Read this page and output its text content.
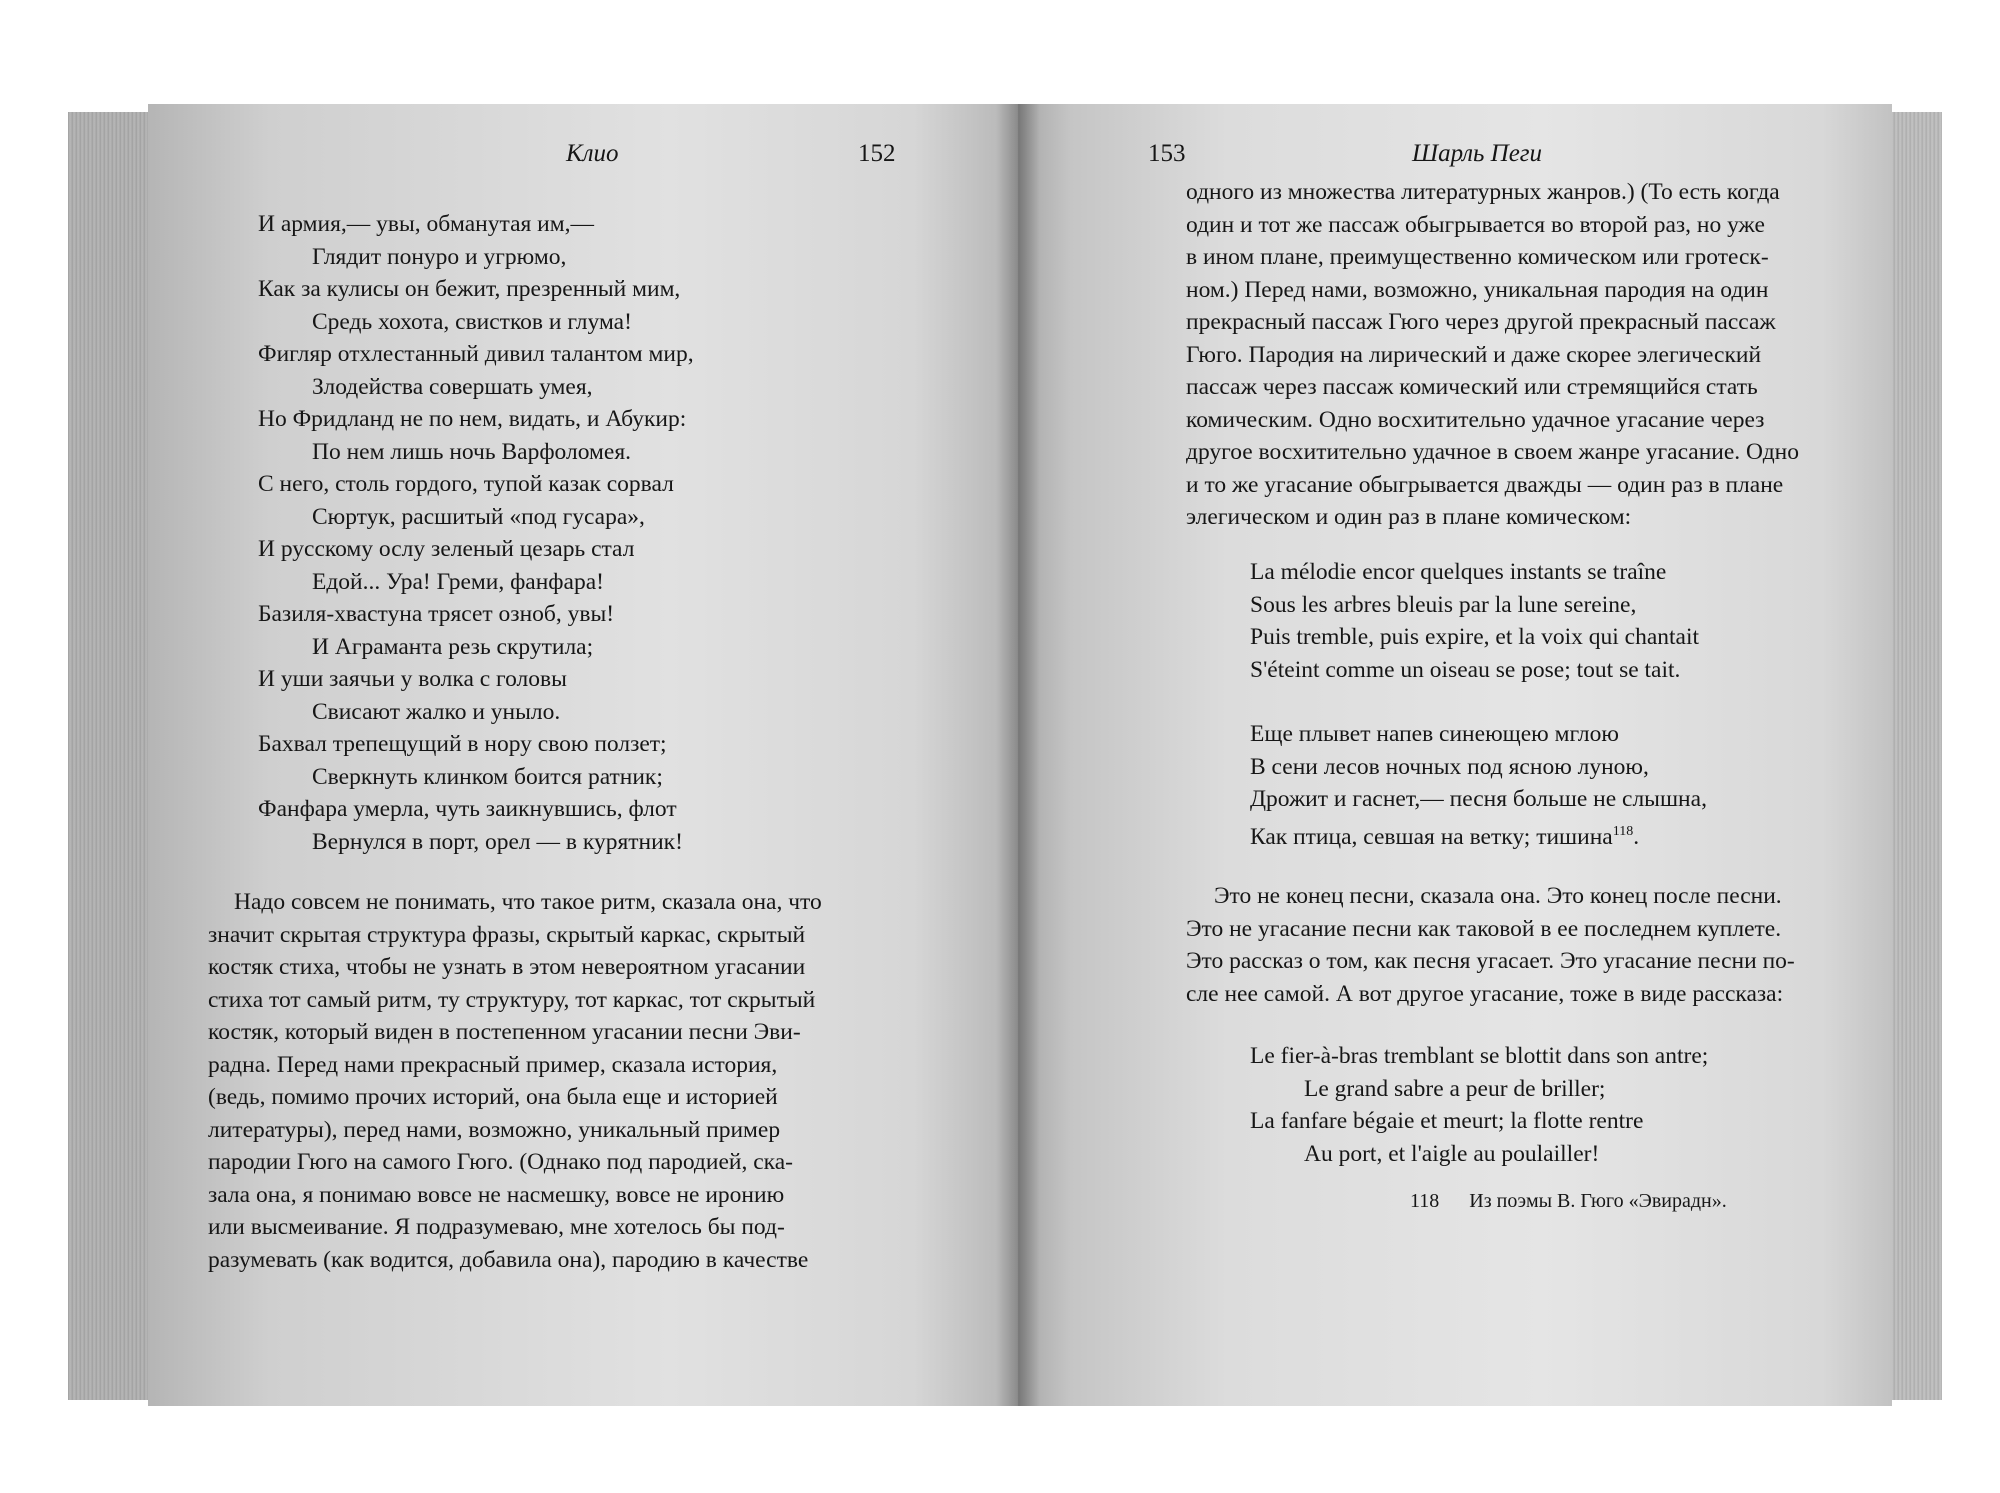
Клио	152
И армия,— увы, обманутая им,—
Глядит понуро и угрюмо,
Как за кулисы он бежит, презренный мим,
Средь хохота, свистков и глума!
Фигляр отхлестанный дивил талантом мир,
Злодейства совершать умея,
Но Фридланд не по нем, видать, и Абукир:
По нем лишь ночь Варфоломея.
С него, столь гордого, тупой казак сорвал
Сюртук, расшитый «под гусара»,
И русскому ослу зеленый цезарь стал
Едой... Ура! Греми, фанфара!
Базиля-хвастуна трясет озноб, увы!
И Аграманта резь скрутила;
И уши заячьи у волка с головы
Свисают жалко и уныло.
Бахвал трепещущий в нору свою ползет;
Сверкнуть клинком боится ратник;
Фанфара умерла, чуть заикнувшись, флот
Вернулся в порт, орел — в курятник!
Надо совсем не понимать, что такое ритм, сказала она, что
значит скрытая структура фразы, скрытый каркас, скрытый
костяк стиха, чтобы не узнать в этом невероятном угасании
стиха тот самый ритм, ту структуру, тот каркас, тот скрытый
костяк, который виден в постепенном угасании песни Эви-
радна. Перед нами прекрасный пример, сказала история,
(ведь, помимо прочих историй, она была еще и историей
литературы), перед нами, возможно, уникальный пример
пародии Гюго на самого Гюго. (Однако под пародией, ска-
зала она, я понимаю вовсе не насмешку, вовсе не иронию
или высмеивание. Я подразумеваю, мне хотелось бы под-
разумевать (как водится, добавила она), пародию в качестве
153	Шарль Пеги
одного из множества литературных жанров.) (То есть когда
один и тот же пассаж обыгрывается во второй раз, но уже
в ином плане, преимущественно комическом или гротеск-
ном.) Перед нами, возможно, уникальная пародия на один
прекрасный пассаж Гюго через другой прекрасный пассаж
Гюго. Пародия на лирический и даже скорее элегический
пассаж через пассаж комический или стремящийся стать
комическим. Одно восхитительно удачное угасание через
другое восхитительно удачное в своем жанре угасание. Одно
и то же угасание обыгрывается дважды — один раз в плане
элегическом и один раз в плане комическом:
La mélodie encor quelques instants se traîne
Sous les arbres bleuis par la lune sereine,
Puis tremble, puis expire, et la voix qui chantait
S'éteint comme un oiseau se pose; tout se tait.
Еще плывет напев синеющею мглою
В сени лесов ночных под ясною луною,
Дрожит и гаснет,— песня больше не слышна,
Как птица, севшая на ветку; тишина$^{118}$.
Это не конец песни, сказала она. Это конец после песни.
Это не угасание песни как таковой в ее последнем куплете.
Это рассказ о том, как песня угасает. Это угасание песни по-
сле нее самой. А вот другое угасание, тоже в виде рассказа:
Le fier-à-bras tremblant se blottit dans son antre;
Le grand sabre a peur de briller;
La fanfare bégaie et meurt; la flotte rentre
Au port, et l'aigle au poulailler!
118 Из поэмы В. Гюго «Эвирадн».
